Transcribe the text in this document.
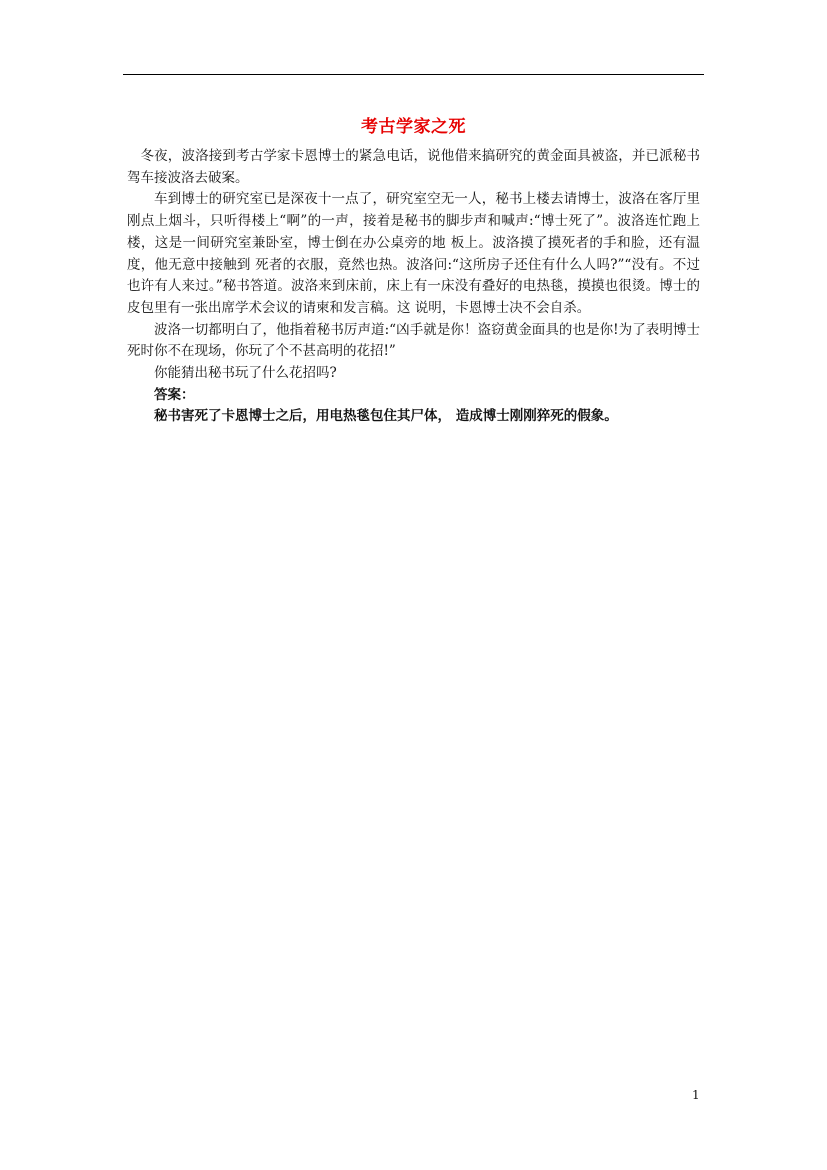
考古学家之死

冬夜，波洛接到考古学家卡恩博士的紧急电话，说他借来搞研究的黄金面具被盗，并已派秘书驾车接波洛去破案。

车到博士的研究室已是深夜十一点了，研究室空无一人，秘书上楼去请博士，波洛在客厅里刚点上烟斗，只听得楼上“啊”的一声，接着是秘书的脚步声和喊声:“博士死了”。波洛连忙跑上楼，这是一间研究室兼卧室，博士倒在办公桌旁的地 板上。波洛摸了摸死者的手和脸，还有温度，他无意中接触到 死者的衣服，竟然也热。波洛问:“这所房子还住有什么人吗?”“没有。不过也许有人来过。”秘书答道。波洛来到床前，床上有一床没有叠好的电热毯，摸摸也很烫。博士的皮包里有一张出席学术会议的请柬和发言稿。这 说明，卡恩博士决不会自杀。

波洛一切都明白了，他指着秘书厉声道:“凶手就是你！盗窃黄金面具的也是你!为了表明博士死时你不在现场，你玩了个不甚高明的花招!”

你能猜出秘书玩了什么花招吗?

答案：

秘书害死了卡恩博士之后，用电热毯包住其尸体， 造成博士刚刚猝死的假象。

1
